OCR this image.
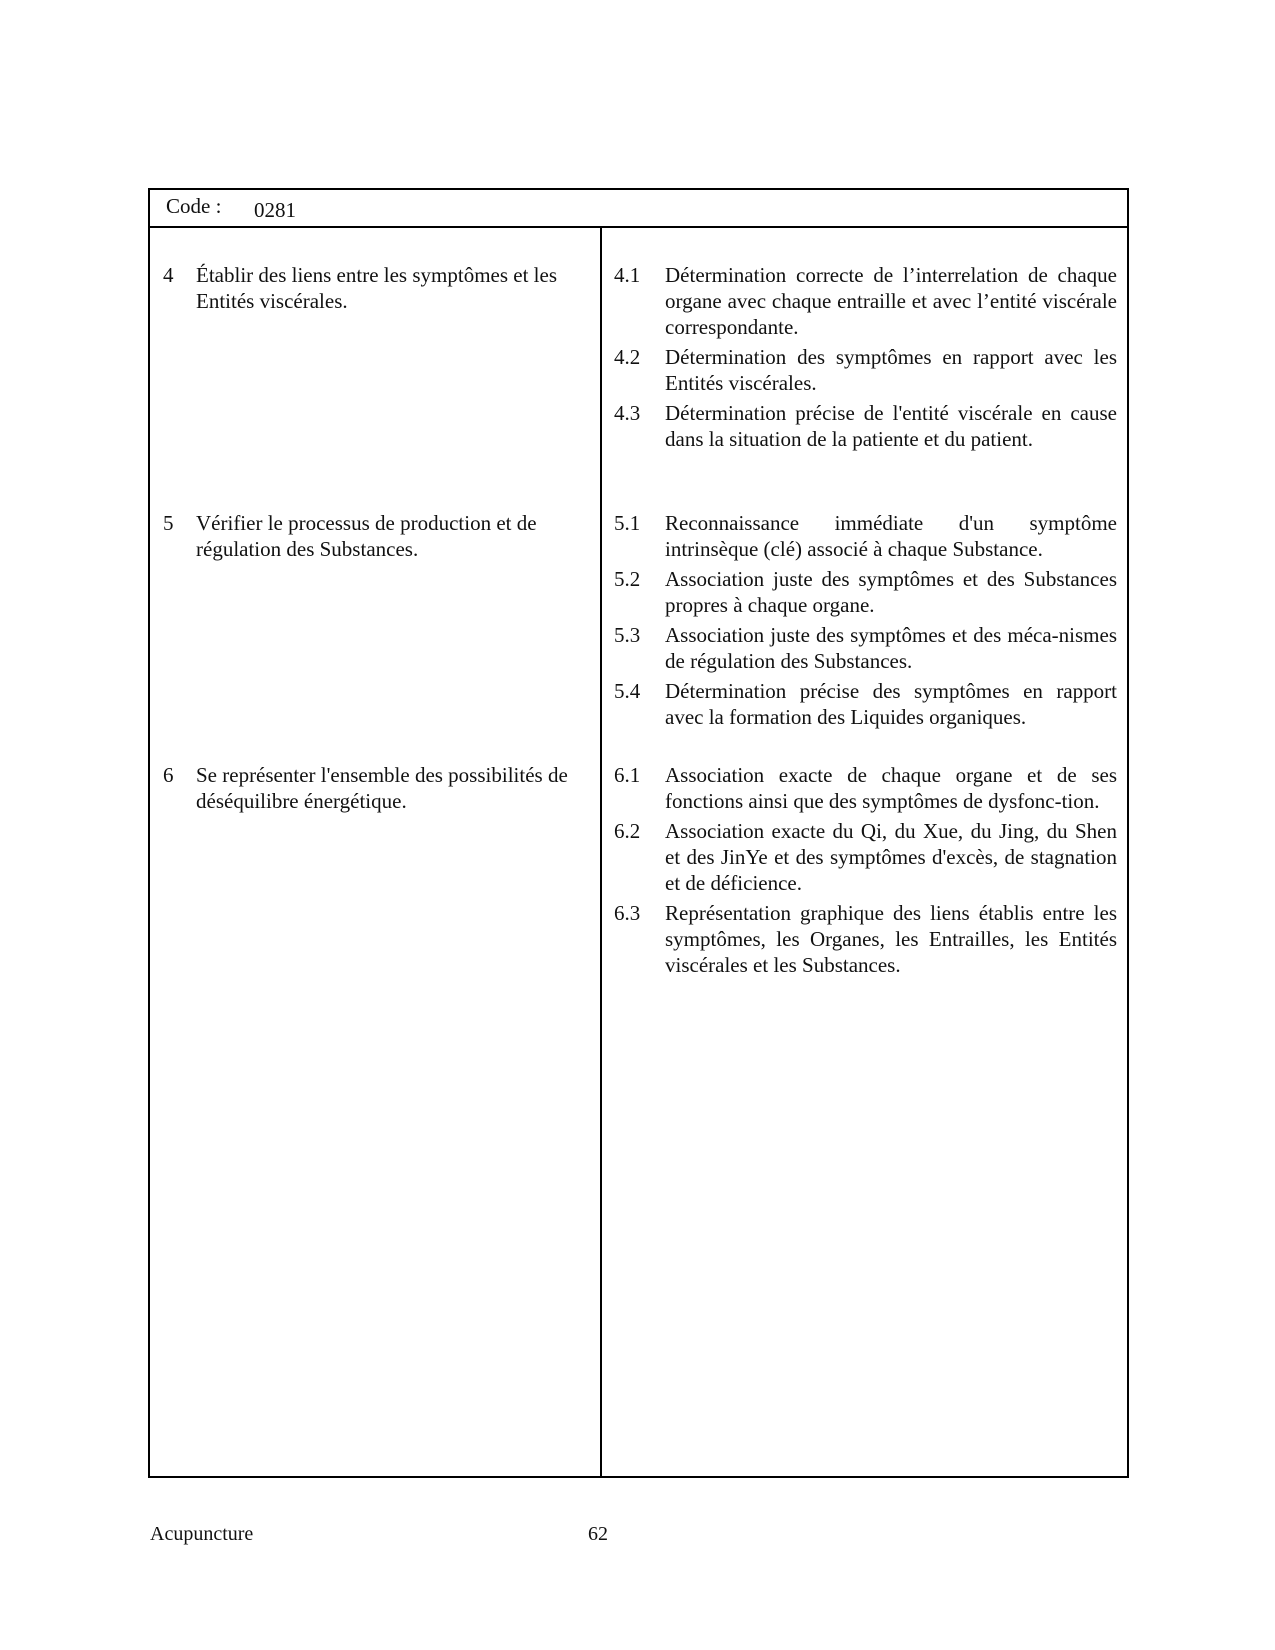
Code : 0281
4 Établir des liens entre les symptômes et les Entités viscérales.
5 Vérifier le processus de production et de régulation des Substances.
6 Se représenter l'ensemble des possibilités de déséquilibre énergétique.
4.1 Détermination correcte de l’interrelation de chaque organe avec chaque entraille et avec l’entité viscérale correspondante.
4.2 Détermination des symptômes en rapport avec les Entités viscérales.
4.3 Détermination précise de l'entité viscérale en cause dans la situation de la patiente et du patient.
5.1 Reconnaissance immédiate d'un symptôme intrinsèque (clé) associé à chaque Substance.
5.2 Association juste des symptômes et des Substances propres à chaque organe.
5.3 Association juste des symptômes et des méca-nismes de régulation des Substances.
5.4 Détermination précise des symptômes en rapport avec la formation des Liquides organiques.
6.1 Association exacte de chaque organe et de ses fonctions ainsi que des symptômes de dysfonc-tion.
6.2 Association exacte du Qi, du Xue, du Jing, du Shen et des JinYe et des symptômes d'excès, de stagnation et de déficience.
6.3 Représentation graphique des liens établis entre les symptômes, les Organes, les Entrailles, les Entités viscérales et les Substances.
Acupuncture	62
